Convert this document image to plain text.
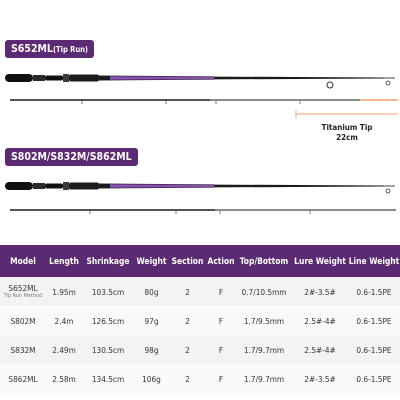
S652ML(Tip Run)
Titanium Tip
22cm
S802M/S832M/S862ML
Model	Length	Shrinkage	Weight	Section	Action	Top/Bottom	Lure Weight	Line Weight
S652ML
Tip Run Method	1.95m	103.5cm	80g	2	F	0.7/10.5mm	2#-3.5#	0.6-1.5PE
S802M	2.4m	126.5cm	97g	2	F	1.7/9.5mm	2.5#-4#	0.6-1.5PE
S832M	2.49m	130.5cm	98g	2	F	1.7/9.7mm	2.5#-4#	0.6-1.5PE
S862ML	2.58m	134.5cm	106g	2	F	1.7/9.7mm	2#-3.5#	0.6-1.5PE
